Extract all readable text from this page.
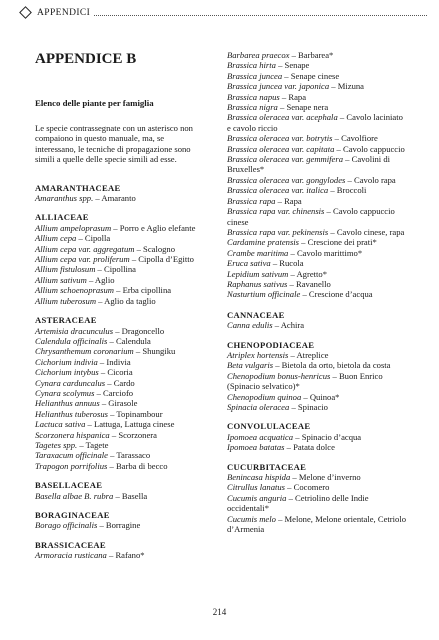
APPENDICI
APPENDICE B
Elenco delle piante per famiglia
Le specie contrassegnate con un asterisco non compaiono in questo manuale, ma, se interessano, le tecniche di propagazione sono simili a quelle delle specie simili ad esse.
AMARANTHACEAE
Amaranthus spp. – Amaranto
ALLIACEAE
Allium ampeloprasum – Porro e Aglio elefante
Allium cepa – Cipolla
Allium cepa var. aggregatum – Scalogno
Allium cepa var. proliferum – Cipolla d’Egitto
Allium fistulosum – Cipollina
Allium sativum – Aglio
Allium schoenoprasum – Erba cipollina
Allium tuberosum – Aglio da taglio
ASTERACEAE
Artemisia dracunculus – Dragoncello
Calendula officinalis – Calendula
Chrysanthemum coronarium – Shungiku
Cichorium indivia – Indivia
Cichorium intybus – Cicoria
Cynara carduncalus – Cardo
Cynara scolymus – Carciofo
Helianthus annuus – Girasole
Helianthus tuberosus – Topinambour
Lactuca sativa – Lattuga, Lattuga cinese
Scorzonera hispanica – Scorzonera
Tagetes spp. – Tagete
Taraxacum officinale – Tarassaco
Trapogon porrifolius – Barba di becco
BASELLACEAE
Basella albae B. rubra – Basella
BORAGINACEAE
Borago officinalis – Borragine
BRASSICACEAE
Armoracia rusticana – Rafano*
Barbarea praecox – Barbarea*
Brassica hirta – Senape
Brassica juncea – Senape cinese
Brassica juncea var. japonica – Mizuna
Brassica napus – Rapa
Brassica nigra – Senape nera
Brassica oleracea var. acephala – Cavolo laciniato e cavolo riccio
Brassica oleracea var. botrytis – Cavolfiore
Brassica oleracea var. capitata – Cavolo cappuccio
Brassica oleracea var. gemmifera – Cavolini di Bruxelles*
Brassica oleracea var. gongylodes – Cavolo rapa
Brassica oleracea var. italica – Broccoli
Brassica rapa – Rapa
Brassica rapa var. chinensis – Cavolo cappuccio cinese
Brassica rapa var. pekinensis – Cavolo cinese, rapa
Cardamine pratensis – Crescione dei prati*
Crambe maritima – Cavolo marittimo*
Eruca sativa – Rucola
Lepidium sativum – Agretto*
Raphanus sativus – Ravanello
Nasturtium officinale – Crescione d’acqua
CANNACEAE
Canna edulis – Achira
CHENOPODIACEAE
Atriplex hortensis – Atreplice
Beta vulgaris – Bietola da orto, bietola da costa
Chenopodium bonus-henricus – Buon Enrico (Spinacio selvatico)*
Chenopodium quinoa – Quinoa*
Spinacia oleracea – Spinacio
CONVOLULACEAE
Ipomoea acquatica – Spinacio d’acqua
Ipomoea batatas – Patata dolce
CUCURBITACEAE
Benincasa hispida – Melone d’inverno
Citrullus lanatus – Cocomero
Cucumis anguria – Cetriolino delle Indie occidentali*
Cucumis melo – Melone, Melone orientale, Cetriolo d’Armenia
214
